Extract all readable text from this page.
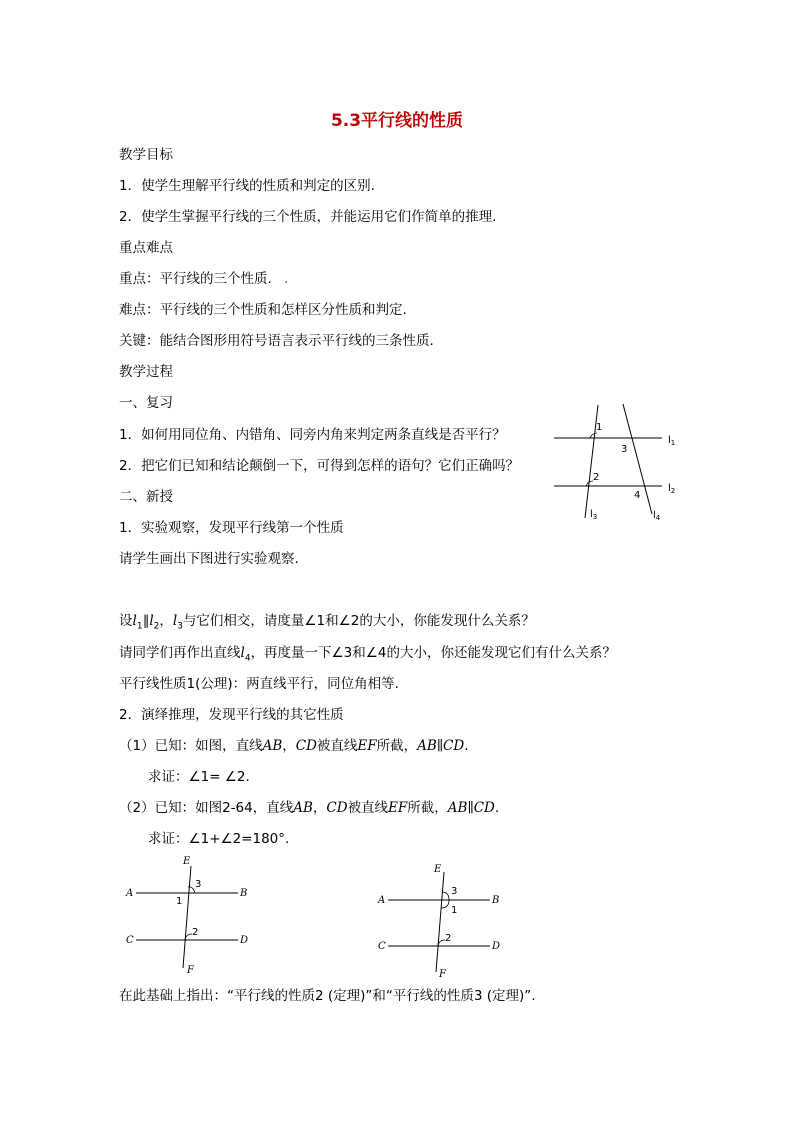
5.3平行线的性质
教学目标
1．使学生理解平行线的性质和判定的区别.
2．使学生掌握平行线的三个性质，并能运用它们作简单的推理.
重点难点
重点：平行线的三个性质. .
难点：平行线的三个性质和怎样区分性质和判定.
关键：能结合图形用符号语言表示平行线的三条性质.
教学过程
一、复习
1．如何用同位角、内错角、同旁内角来判定两条直线是否平行？
2．把它们已知和结论颠倒一下，可得到怎样的语句？它们正确吗？
二、新授
1．实验观察，发现平行线第一个性质
请学生画出下图进行实验观察.
设$l_1\parallel l_2$，$l_3$与它们相交，请度量∠1和∠2的大小，你能发现什么关系？
请同学们再作出直线$l_4$，再度量一下∠3和∠4的大小，你还能发现它们有什么关系？
平行线性质1(公理)：两直线平行，同位角相等.
2．演绎推理，发现平行线的其它性质
（1）已知：如图，直线AB，CD被直线EF所截，AB∥CD.
求证：∠1= ∠2.
（2）已知：如图2-64，直线AB，CD被直线EF所截，AB∥CD.
求证：∠1+∠2=180°.
在此基础上指出：“平行线的性质2 (定理)”和“平行线的性质3 (定理)”.
1
3
2
4
$l_1$
$l_2$
$l_3$	$l_4$
E
A	B
C	D
F
3
1
2
E
A	B
C	D
F
3
1
2
